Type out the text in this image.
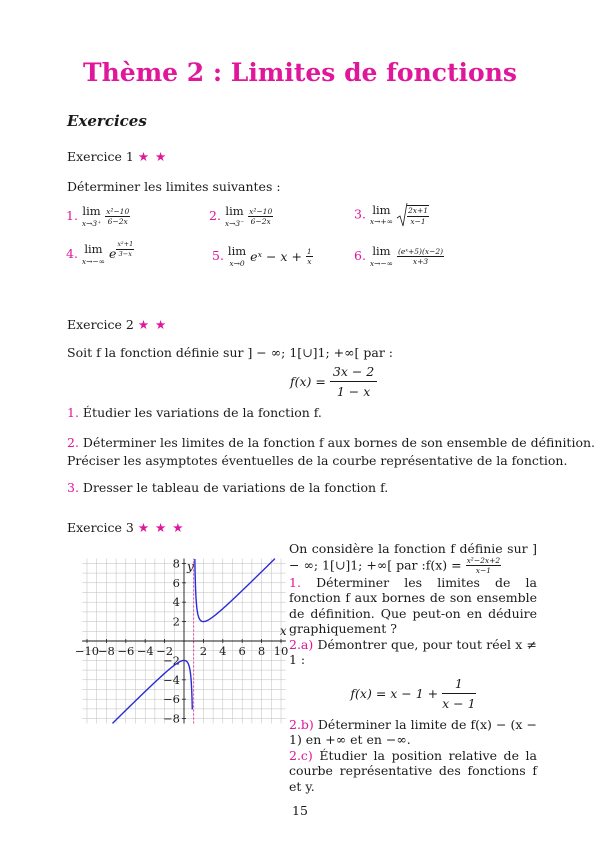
Thème 2 : Limites de fonctions
Exercices
Exercice 1 ★ ★
Déterminer les limites suivantes :
1. lim
x→3⁺
$\frac{\text{x²−10}}{6-2x}$	2. lim
x→3⁻
$\frac{\text{x²−10}}{6-2x}$	3. lim
x→+∞
$\frac{2x+1}{x-1}$
4. lim
x→−∞ e $\frac{\text{x²+1}}{3-x}$	5. lim
x→0 eˣ − $x + \frac{1}{x}$	6. lim
x→−∞
$\frac{\text{(eˣ+5)(x−2)}}{x+3}$
Exercice 2 ★ ★
Soit f la fonction définie sur ] − ∞; 1[∪]1; +∞[ par :
$f(x) = \frac{3x - 2}{1 - x}$
1. Étudier les variations de la fonction f.
2. Déterminer les limites de la fonction f aux bornes de son ensemble de définition.
Préciser les asymptotes éventuelles de la courbe représentative de la fonction.
3. Dresser le tableau de variations de la fonction f.
Exercice 3 ★ ★ ★
−10
−8 −6 −4 −2 2 4 6 8 10
−8
−6
−4
−2
2
4
6
8
x
y
On considère la fonction f définie sur ] − ∞; 1[∪]1; +∞[ par :f(x) = $\frac{\text{x²−2x+2}}{x-1}$
1. Déterminer les limites de la fonction f aux bornes de son ensemble de définition. Que peut-on en déduire graphiquement ?
2.a) Démontrer que, pour tout réel x ≠ 1 :
$f(x) = x - 1 + \frac{1}{x - 1}$
2.b) Déterminer la limite de f(x) − (x − 1) en +∞ et en −∞.
2.c) Étudier la position relative de la courbe représentative des fonctions f et y.
15
